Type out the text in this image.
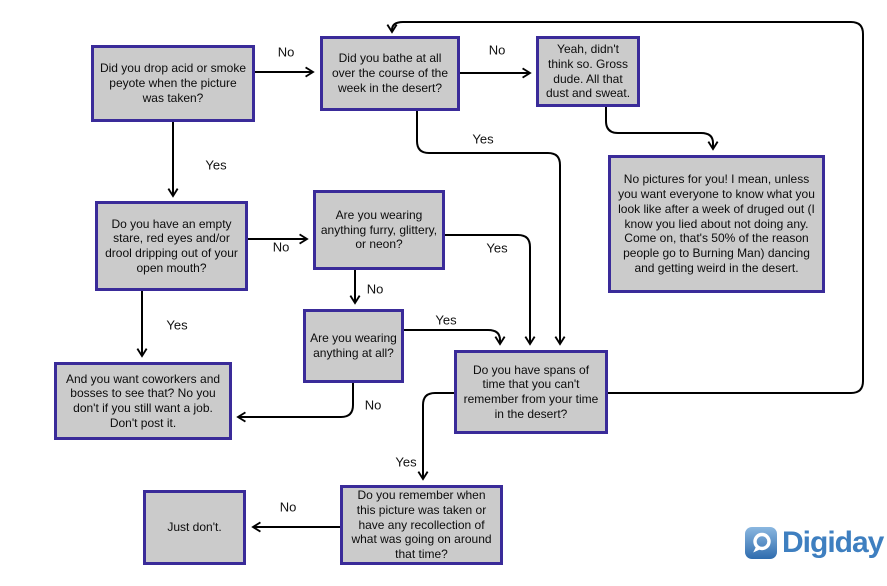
Did you drop acid or smoke peyote when the picture was taken?
Did you bathe at all over the course of the week in the desert?
Yeah, didn't think so. Gross dude. All that dust and sweat.
No pictures for you! I mean, unless you want everyone to know what you look like after a week of druged out (I know you lied about not doing any. Come on, that's 50% of the reason people go to Burning Man) dancing and getting weird in the desert.
Do you have an empty stare, red eyes and/or drool dripping out of your open mouth?
Are you wearing anything furry, glittery, or neon?
Are you wearing anything at all?
Do you have spans of time that you can't remember from your time in the desert?
And you want coworkers and bosses to see that? No you don't if you still want a job. Don't post it.
Do you remember when this picture was taken or have any recollection of what was going on around that time?
Just don't.
No
Yes
No
Yes
No
Yes
No
Yes
Yes
No
Yes
No
Digiday
